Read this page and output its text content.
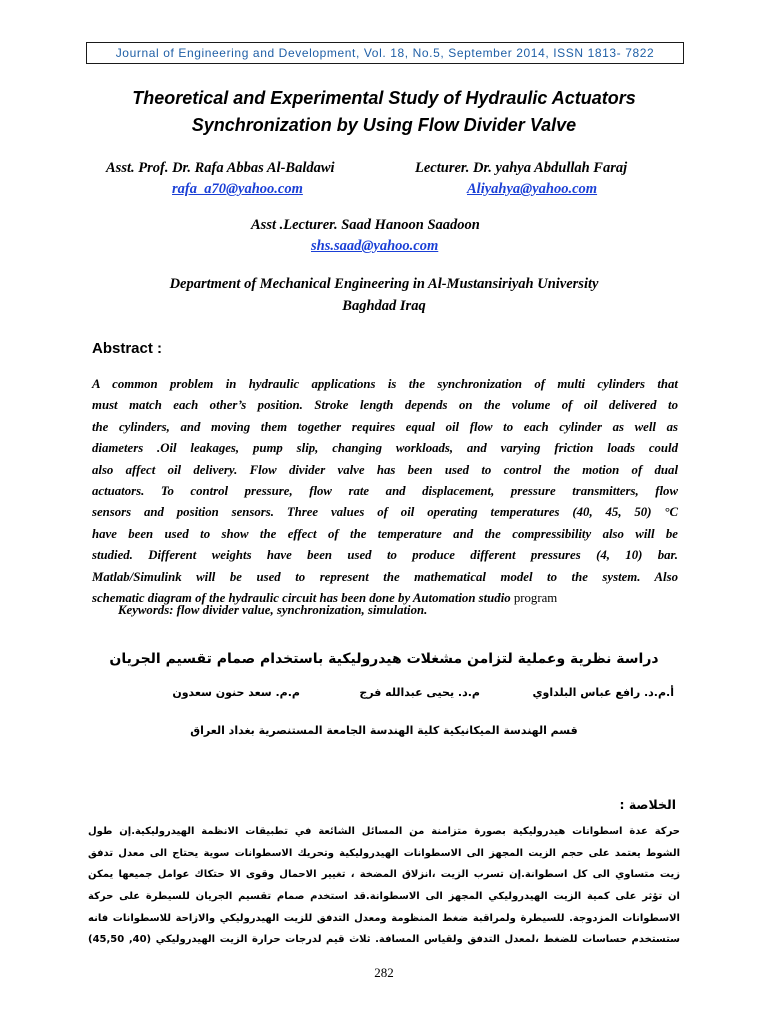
Journal of Engineering and Development, Vol. 18, No.5, September 2014, ISSN 1813- 7822
Theoretical and Experimental Study of Hydraulic Actuators
Synchronization by Using Flow Divider Valve
Asst. Prof. Dr. Rafa Abbas Al-Baldawi
rafa_a70@yahoo.com
Lecturer. Dr. yahya Abdullah Faraj
Aliyahya@yahoo.com
Asst .Lecturer. Saad Hanoon Saadoon
shs.saad@yahoo.com
Department of Mechanical Engineering in Al-Mustansiriyah University
Baghdad Iraq
Abstract :
A common problem in hydraulic applications is the synchronization of multi cylinders that
must match each other’s position. Stroke length depends on the volume of oil delivered to
the cylinders, and moving them together requires equal oil flow to each cylinder as well as
diameters .Oil leakages, pump slip, changing workloads, and varying friction loads could
also affect oil delivery. Flow divider valve has been used to control the motion of dual
actuators. To control pressure, flow rate and displacement, pressure transmitters, flow
sensors and position sensors. Three values of oil operating temperatures (40, 45, 50) °C
have been used to show the effect of the temperature and the compressibility also will be
studied. Different weights have been used to produce different pressures (4, 10) bar.
Matlab/Simulink will be used to represent the mathematical model to the system. Also
schematic diagram of the hydraulic circuit has been done by Automation studio program
Keywords: flow divider value, synchronization, simulation.
دراسة نظرية وعملية لتزامن مشغلات هيدروليكية باستخدام صمام تقسيم الجريان
أ.م.د. رافع عباس البلداوي
م.د. يحيى عبدالله فرج
م.م. سعد حنون سعدون
قسم الهندسة الميكانيكية كلية الهندسة الجامعة المستنصرية بغداد العراق
الخلاصة :
حركة عدة اسطوانات هيدروليكية بصورة متزامنة من المسائل الشائعة في تطبيقات الانظمة الهيدروليكية.إن طول
الشوط يعتمد على حجم الزيت المجهز الى الاسطوانات الهيدروليكية وتحريك الاسطوانات سوية يحتاج الى معدل تدفق
زيت متساوي الى كل اسطوانة.إن تسرب الزيت ،انزلاق المضخة ، تغيير الاحمال وقوى الا حتكاك عوامل جميعها يمكن
ان تؤثر على كمية الزيت الهيدروليكي المجهز الى الاسطوانة.قد استخدم صمام تقسيم الجريان للسيطرة على حركة
الاسطوانات المزدوجة. للسيطرة ولمراقبة ضغط المنظومة ومعدل التدفق للزيت الهيدروليكي والازاحة للاسطوانات فانه
ستستخدم حساسات للضغط ،لمعدل التدفق ولقياس المسافة. ثلاث قيم لدرجات حرارة الزيت الهيدروليكي (40, 45,50)
282
